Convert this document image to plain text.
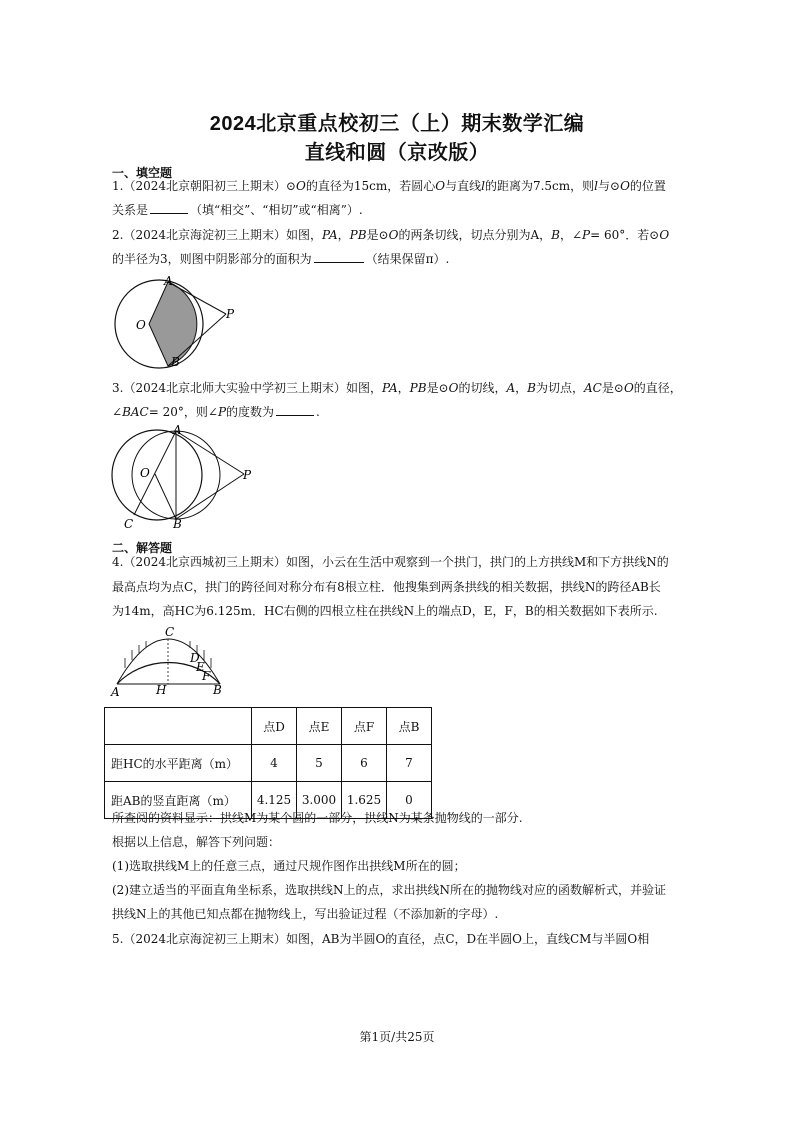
2024北京重点校初三（上）期末数学汇编
直线和圆（京改版）
一、填空题
1.（2024北京朝阳初三上期末）⊙O的直径为15cm，若圆心O与直线l的距离为7.5cm，则l与⊙O的位置
关系是	（填“相交”、“相切”或“相离”）.
2.（2024北京海淀初三上期末）如图，PA，PB是⊙O的两条切线，切点分别为A，B，∠P= 60°．若⊙O
的半径为3，则图中阴影部分的面积为	（结果保留π）.
A
O
P
B
3.（2024北京北师大实验中学初三上期末）如图，PA，PB是⊙O的切线，A，B为切点，AC是⊙O的直径，
∠BAC= 20°，则∠P的度数为	.
A
O	P
C	B
二、解答题
4.（2024北京西城初三上期末）如图，小云在生活中观察到一个拱门，拱门的上方拱线M和下方拱线N的
最高点均为点C，拱门的跨径间对称分布有8根立柱．他搜集到两条拱线的相关数据，拱线N的跨径AB长
为14m，高HC为6.125m．HC右侧的四根立柱在拱线N上的端点D，E，F，B的相关数据如下表所示.
C
D
E
F
A	H	B
	点D	点E	点F	点B
距HC的水平距离（m）	4	5	6	7
距AB的竖直距离（m）	4.125	3.000	1.625	0
所查阅的资料显示：拱线M为某个圆的一部分，拱线N为某条抛物线的一部分.
根据以上信息，解答下列问题：
(1)选取拱线M上的任意三点，通过尺规作图作出拱线M所在的圆；
(2)建立适当的平面直角坐标系，选取拱线N上的点，求出拱线N所在的抛物线对应的函数解析式，并验证
拱线N上的其他已知点都在抛物线上，写出验证过程（不添加新的字母）.
5.（2024北京海淀初三上期末）如图，AB为半圆O的直径，点C，D在半圆O上，直线CM与半圆O相
第1页/共25页
